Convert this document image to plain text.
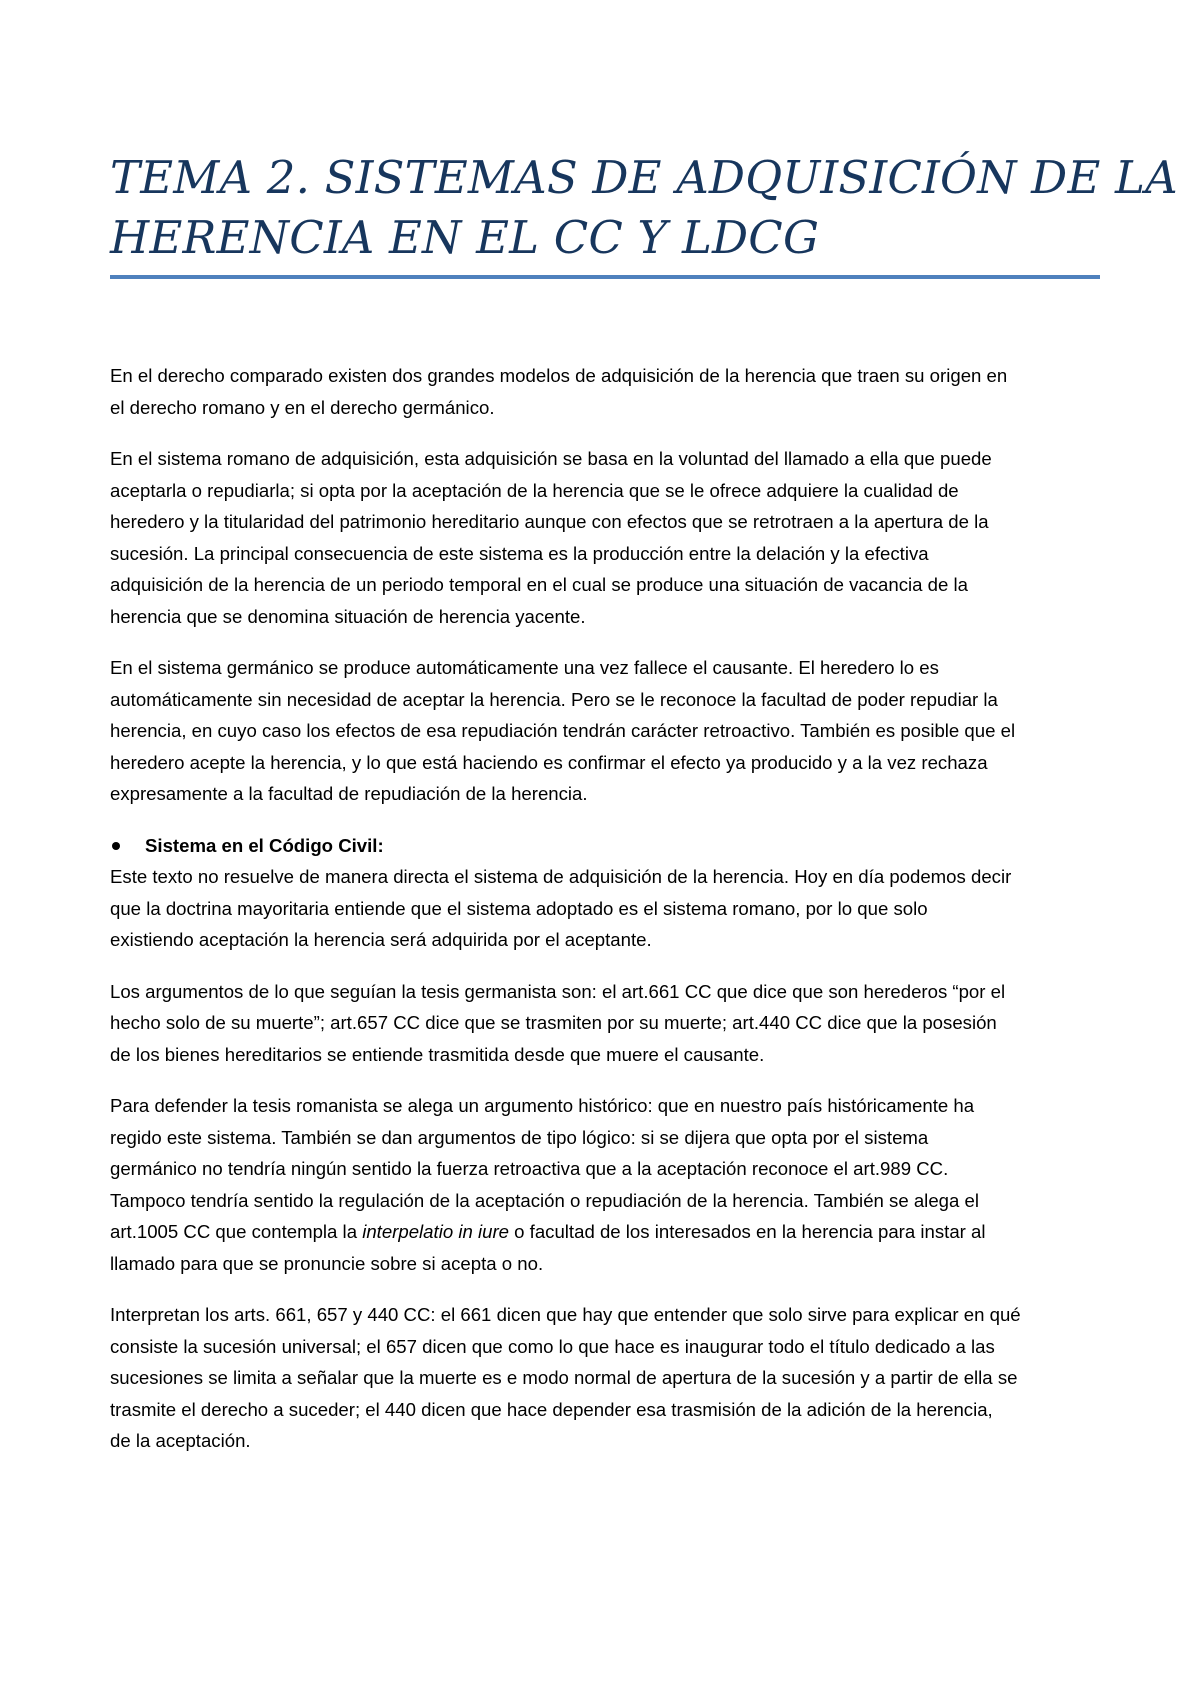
TEMA 2. SISTEMAS DE ADQUISICIÓN DE LA
HERENCIA EN EL CC Y LDCG

En el derecho comparado existen dos grandes modelos de adquisición de la herencia que traen su origen en
el derecho romano y en el derecho germánico.

En el sistema romano de adquisición, esta adquisición se basa en la voluntad del llamado a ella que puede
aceptarla o repudiarla; si opta por la aceptación de la herencia que se le ofrece adquiere la cualidad de
heredero y la titularidad del patrimonio hereditario aunque con efectos que se retrotraen a la apertura de la
sucesión. La principal consecuencia de este sistema es la producción entre la delación y la efectiva
adquisición de la herencia de un periodo temporal en el cual se produce una situación de vacancia de la
herencia que se denomina situación de herencia yacente.

En el sistema germánico se produce automáticamente una vez fallece el causante. El heredero lo es
automáticamente sin necesidad de aceptar la herencia. Pero se le reconoce la facultad de poder repudiar la
herencia, en cuyo caso los efectos de esa repudiación tendrán carácter retroactivo. También es posible que el
heredero acepte la herencia, y lo que está haciendo es confirmar el efecto ya producido y a la vez rechaza
expresamente a la facultad de repudiación de la herencia.

Sistema en el Código Civil:
Este texto no resuelve de manera directa el sistema de adquisición de la herencia. Hoy en día podemos decir
que la doctrina mayoritaria entiende que el sistema adoptado es el sistema romano, por lo que solo
existiendo aceptación la herencia será adquirida por el aceptante.

Los argumentos de lo que seguían la tesis germanista son: el art.661 CC que dice que son herederos “por el
hecho solo de su muerte”; art.657 CC dice que se trasmiten por su muerte; art.440 CC dice que la posesión
de los bienes hereditarios se entiende trasmitida desde que muere el causante.

Para defender la tesis romanista se alega un argumento histórico: que en nuestro país históricamente ha
regido este sistema. También se dan argumentos de tipo lógico: si se dijera que opta por el sistema
germánico no tendría ningún sentido la fuerza retroactiva que a la aceptación reconoce el art.989 CC.
Tampoco tendría sentido la regulación de la aceptación o repudiación de la herencia. También se alega el
art.1005 CC que contempla la interpelatio in iure o facultad de los interesados en la herencia para instar al
llamado para que se pronuncie sobre si acepta o no.

Interpretan los arts. 661, 657 y 440 CC: el 661 dicen que hay que entender que solo sirve para explicar en qué
consiste la sucesión universal; el 657 dicen que como lo que hace es inaugurar todo el título dedicado a las
sucesiones se limita a señalar que la muerte es e modo normal de apertura de la sucesión y a partir de ella se
trasmite el derecho a suceder; el 440 dicen que hace depender esa trasmisión de la adición de la herencia,
de la aceptación.
